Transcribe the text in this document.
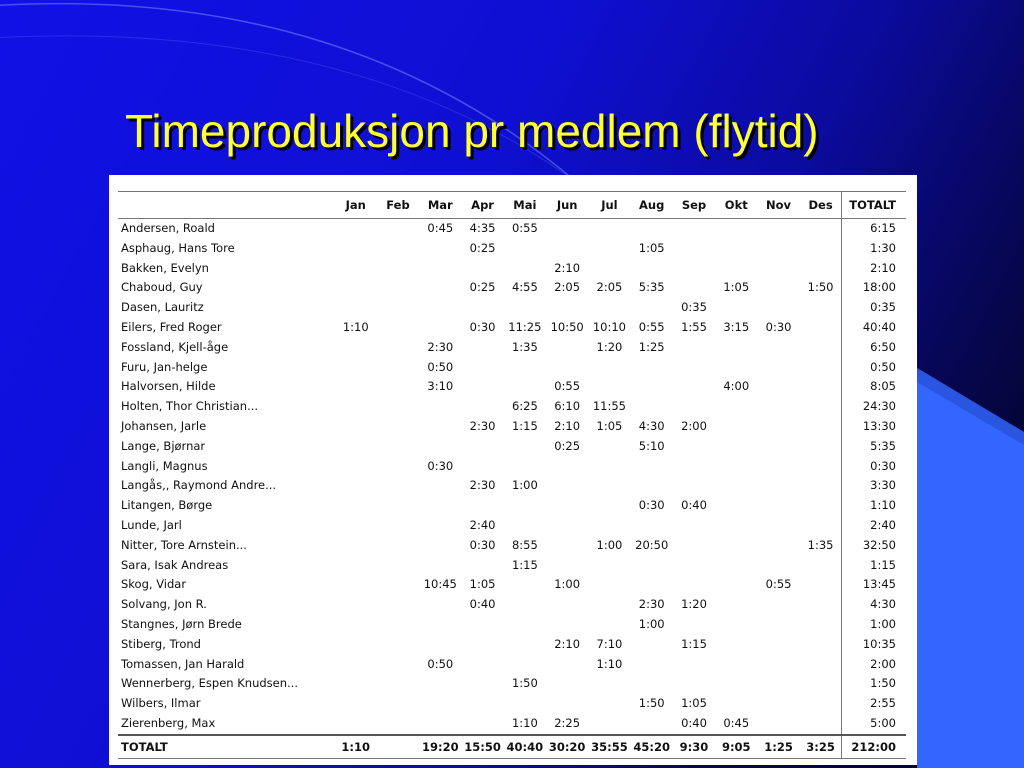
Timeproduksjon pr medlem (flytid)
	Jan	Feb	Mar	Apr	Mai	Jun	Jul	Aug	Sep	Okt	Nov	Des	TOTALT
Andersen, Roald			0:45	4:35	0:55								6:15
Asphaug, Hans Tore				0:25				1:05					1:30
Bakken, Evelyn						2:10							2:10
Chaboud, Guy				0:25	4:55	2:05	2:05	5:35		1:05		1:50	18:00
Dasen, Lauritz									0:35				0:35
Eilers, Fred Roger	1:10			0:30	11:25	10:50	10:10	0:55	1:55	3:15	0:30		40:40
Fossland, Kjell-åge			2:30		1:35		1:20	1:25					6:50
Furu, Jan-helge			0:50										0:50
Halvorsen, Hilde			3:10			0:55				4:00			8:05
Holten, Thor Christian...					6:25	6:10	11:55						24:30
Johansen, Jarle				2:30	1:15	2:10	1:05	4:30	2:00				13:30
Lange, Bjørnar						0:25		5:10					5:35
Langli, Magnus			0:30										0:30
Langås,, Raymond Andre...				2:30	1:00								3:30
Litangen, Børge								0:30	0:40				1:10
Lunde, Jarl				2:40									2:40
Nitter, Tore Arnstein...				0:30	8:55		1:00	20:50				1:35	32:50
Sara, Isak Andreas					1:15								1:15
Skog, Vidar			10:45	1:05		1:00					0:55		13:45
Solvang, Jon R.				0:40				2:30	1:20				4:30
Stangnes, Jørn Brede								1:00					1:00
Stiberg, Trond						2:10	7:10		1:15				10:35
Tomassen, Jan Harald			0:50				1:10						2:00
Wennerberg, Espen Knudsen...					1:50								1:50
Wilbers, Ilmar								1:50	1:05				2:55
Zierenberg, Max					1:10	2:25			0:40	0:45			5:00
TOTALT	1:10		19:20	15:50	40:40	30:20	35:55	45:20	9:30	9:05	1:25	3:25	212:00
